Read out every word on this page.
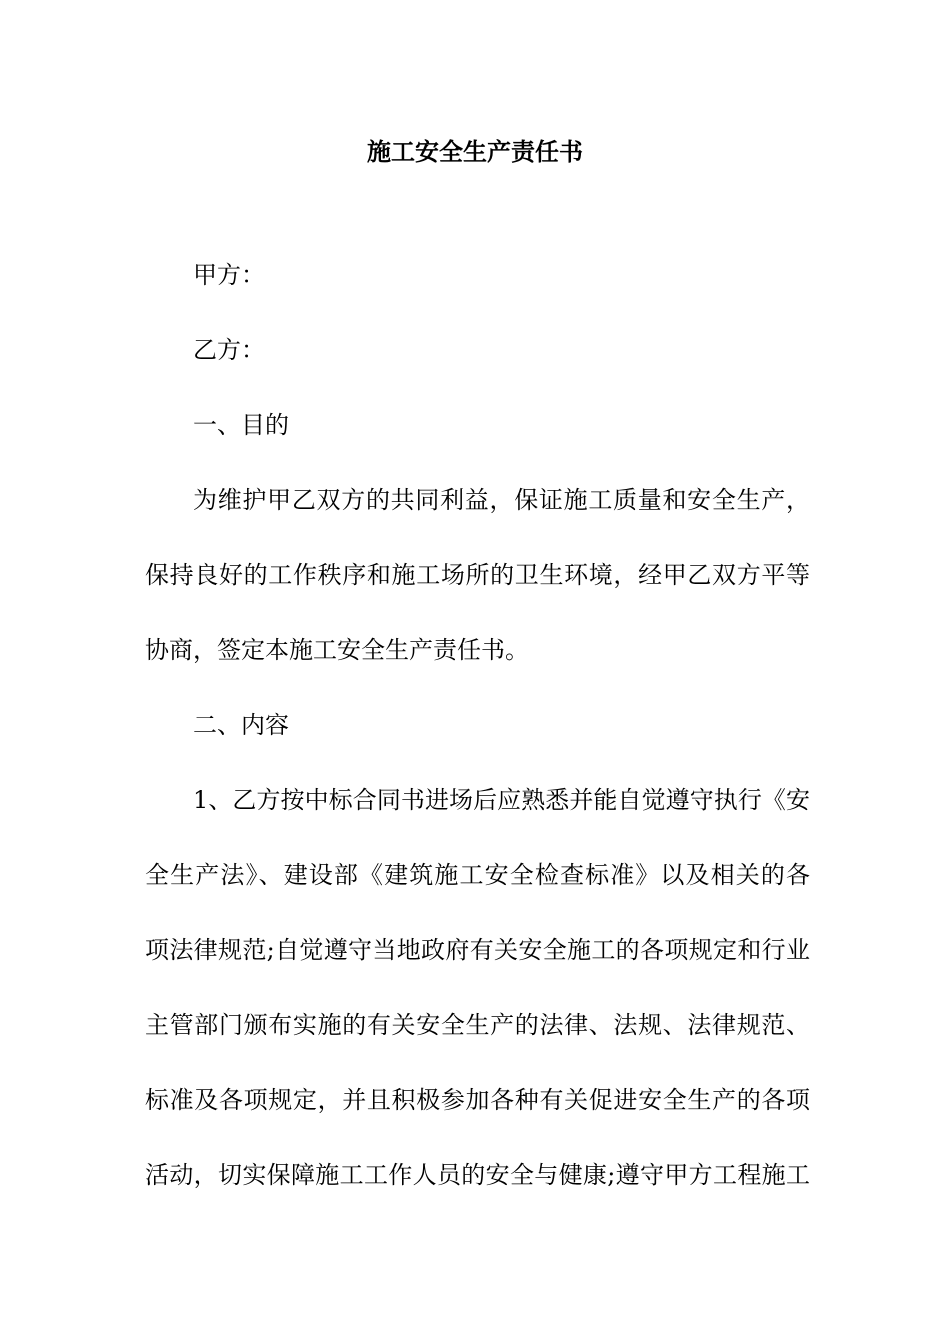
施工安全生产责任书
甲方：
乙方：
一、目的
为维护甲乙双方的共同利益，保证施工质量和安全生产，
保持良好的工作秩序和施工场所的卫生环境，经甲乙双方平等
协商，签定本施工安全生产责任书。
二、内容
1、乙方按中标合同书进场后应熟悉并能自觉遵守执行《安
全生产法》、建设部《建筑施工安全检查标准》以及相关的各
项法律规范;自觉遵守当地政府有关安全施工的各项规定和行业
主管部门颁布实施的有关安全生产的法律、法规、法律规范、
标准及各项规定，并且积极参加各种有关促进安全生产的各项
活动，切实保障施工工作人员的安全与健康;遵守甲方工程施工
